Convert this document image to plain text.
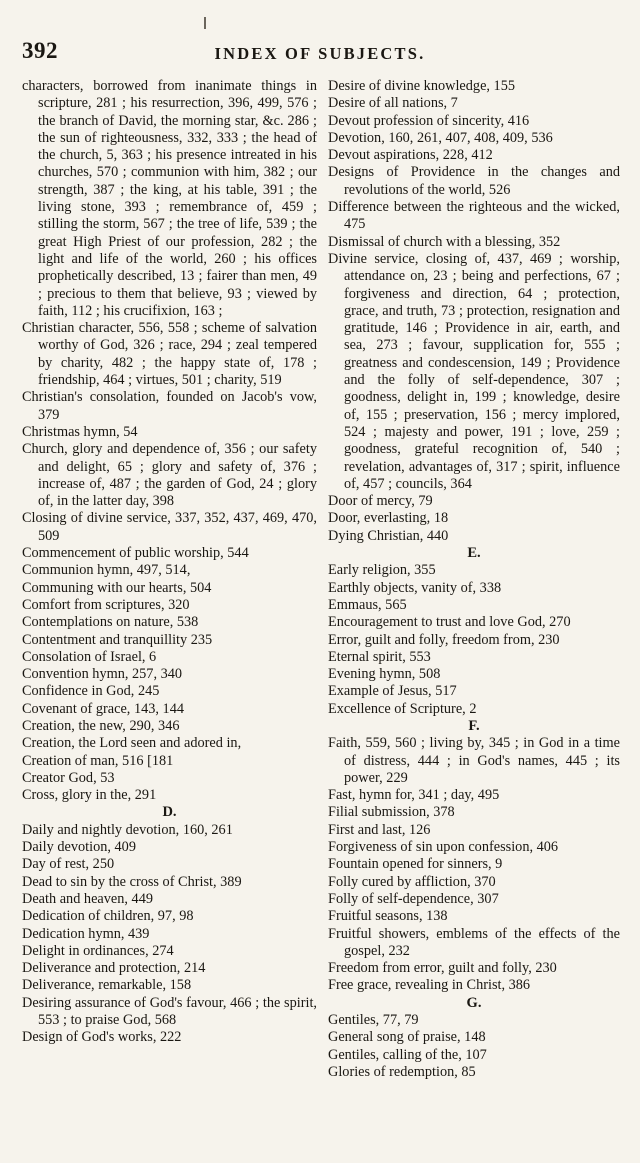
392	INDEX OF SUBJECTS.

characters, borrowed from inanimate things in scripture, 281 ; his resurrection, 396, 499, 576 ; the branch of David, the morning star, &c. 286 ; the sun of righteousness, 332, 333 ; the head of the church, 5, 363 ; his presence intreated in his churches, 570 ; communion with him, 382 ; our strength, 387 ; the king, at his table, 391 ; the living stone, 393 ; remembrance of, 459 ; stilling the storm, 567 ; the tree of life, 539 ; the great High Priest of our profession, 282 ; the light and life of the world, 260 ; his offices prophetically described, 13 ; fairer than men, 49 ; precious to them that believe, 93 ; viewed by faith, 112 ; his crucifixion, 163 ;

Christian character, 556, 558 ; scheme of salvation worthy of God, 326 ; race, 294 ; zeal tempered by charity, 482 ; the happy state of, 178 ; friendship, 464 ; virtues, 501 ; charity, 519

Christian's consolation, founded on Jacob's vow, 379

Christmas hymn, 54

Church, glory and dependence of, 356 ; our safety and delight, 65 ; glory and safety of, 376 ; increase of, 487 ; the garden of God, 24 ; glory of, in the latter day, 398

Closing of divine service, 337, 352, 437, 469, 470, 509

Commencement of public worship, 544

Communion hymn, 497, 514,

Communing with our hearts, 504

Comfort from scriptures, 320

Contemplations on nature, 538

Contentment and tranquillity 235

Consolation of Israel, 6

Convention hymn, 257, 340

Confidence in God, 245

Covenant of grace, 143, 144

Creation, the new, 290, 346

Creation, the Lord seen and adored in,

Creation of man, 516 [181

Creator God, 53

Cross, glory in the, 291

D.

Daily and nightly devotion, 160, 261

Daily devotion, 409

Day of rest, 250

Dead to sin by the cross of Christ, 389

Death and heaven, 449

Dedication of children, 97, 98

Dedication hymn, 439

Delight in ordinances, 274

Deliverance and protection, 214

Deliverance, remarkable, 158

Desiring assurance of God's favour, 466 ; the spirit, 553 ; to praise God, 568

Design of God's works, 222

Desire of divine knowledge, 155

Desire of all nations, 7

Devout profession of sincerity, 416

Devotion, 160, 261, 407, 408, 409, 536

Devout aspirations, 228, 412

Designs of Providence in the changes and revolutions of the world, 526

Difference between the righteous and the wicked, 475

Dismissal of church with a blessing, 352

Divine service, closing of, 437, 469 ; worship, attendance on, 23 ; being and perfections, 67 ; forgiveness and direction, 64 ; protection, grace, and truth, 73 ; protection, resignation and gratitude, 146 ; Providence in air, earth, and sea, 273 ; favour, supplication for, 555 ; greatness and condescension, 149 ; Providence and the folly of self-dependence, 307 ; goodness, delight in, 199 ; knowledge, desire of, 155 ; preservation, 156 ; mercy implored, 524 ; majesty and power, 191 ; love, 259 ; goodness, grateful recognition of, 540 ; revelation, advantages of, 317 ; spirit, influence of, 457 ; councils, 364

Door of mercy, 79

Door, everlasting, 18

Dying Christian, 440

E.

Early religion, 355

Earthly objects, vanity of, 338

Emmaus, 565

Encouragement to trust and love God, 270

Error, guilt and folly, freedom from, 230

Eternal spirit, 553

Evening hymn, 508

Example of Jesus, 517

Excellence of Scripture, 2

F.

Faith, 559, 560 ; living by, 345 ; in God in a time of distress, 444 ; in God's names, 445 ; its power, 229

Fast, hymn for, 341 ; day, 495

Filial submission, 378

First and last, 126

Forgiveness of sin upon confession, 406

Fountain opened for sinners, 9

Folly cured by affliction, 370

Folly of self-dependence, 307

Fruitful seasons, 138

Fruitful showers, emblems of the effects of the gospel, 232

Freedom from error, guilt and folly, 230

Free grace, revealing in Christ, 386

G.

Gentiles, 77, 79

General song of praise, 148

Gentiles, calling of the, 107

Glories of redemption, 85
